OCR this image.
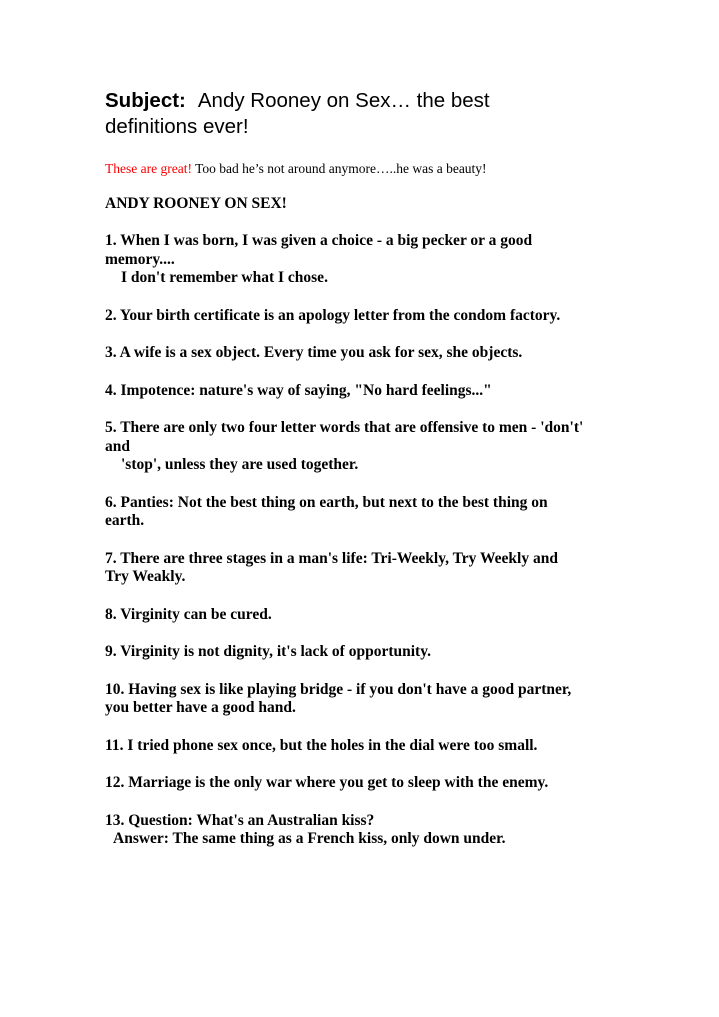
Subject: Andy Rooney on Sex… the best
definitions ever!
These are great! Too bad he’s not around anymore…..he was a beauty!
ANDY ROONEY ON SEX!
1. When I was born, I was given a choice - a big pecker or a good
memory....
I don't remember what I chose.
2. Your birth certificate is an apology letter from the condom factory.
3. A wife is a sex object. Every time you ask for sex, she objects.
4. Impotence: nature's way of saying, "No hard feelings..."
5. There are only two four letter words that are offensive to men - 'don't'
and
'stop', unless they are used together.
6. Panties: Not the best thing on earth, but next to the best thing on
earth.
7. There are three stages in a man's life: Tri-Weekly, Try Weekly and
Try Weakly.
8. Virginity can be cured.
9. Virginity is not dignity, it's lack of opportunity.
10. Having sex is like playing bridge - if you don't have a good partner,
you better have a good hand.
11. I tried phone sex once, but the holes in the dial were too small.
12. Marriage is the only war where you get to sleep with the enemy.
13. Question: What's an Australian kiss?
Answer: The same thing as a French kiss, only down under.
